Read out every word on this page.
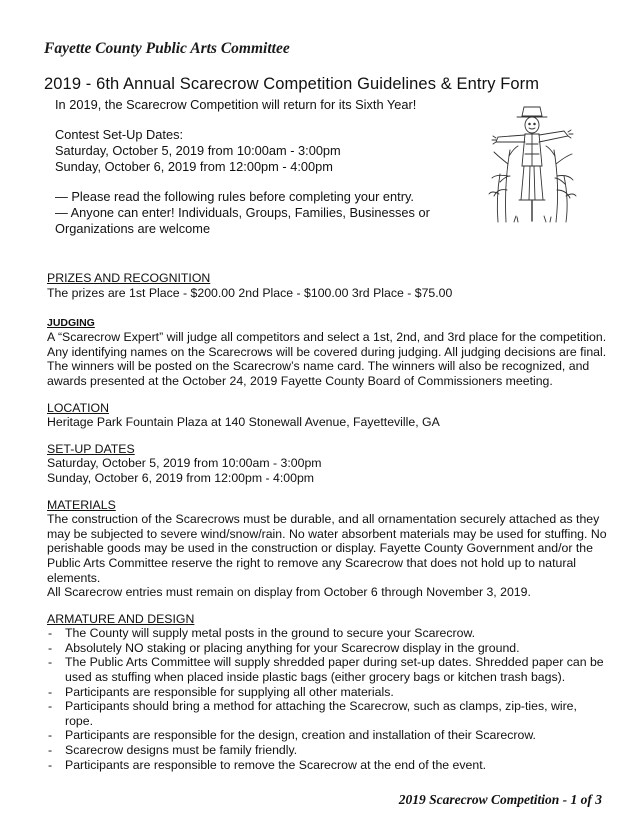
Fayette County Public Arts Committee
2019 - 6th Annual Scarecrow Competition Guidelines & Entry Form

In 2019, the Scarecrow Competition will return for its Sixth Year!

Contest Set-Up Dates:

Saturday, October 5, 2019 from 10:00am - 3:00pm

Sunday, October 6, 2019 from 12:00pm - 4:00pm

— Please read the following rules before completing your entry.

— Anyone can enter! Individuals, Groups, Families, Businesses or Organizations are welcome

PRIZES AND RECOGNITION

The prizes are 1st Place - $200.00 2nd Place - $100.00 3rd Place - $75.00

JUDGING

A “Scarecrow Expert” will judge all competitors and select a 1st, 2nd, and 3rd place for the competition. Any identifying names on the Scarecrows will be covered during judging. All judging decisions are final. The winners will be posted on the Scarecrow’s name card. The winners will also be recognized, and awards presented at the October 24, 2019 Fayette County Board of Commissioners meeting.

LOCATION

Heritage Park Fountain Plaza at 140 Stonewall Avenue, Fayetteville, GA

SET-UP DATES

Saturday, October 5, 2019 from 10:00am - 3:00pm

Sunday, October 6, 2019 from 12:00pm - 4:00pm

MATERIALS

The construction of the Scarecrows must be durable, and all ornamentation securely attached as they may be subjected to severe wind/snow/rain. No water absorbent materials may be used for stuffing. No perishable goods may be used in the construction or display. Fayette County Government and/or the Public Arts Committee reserve the right to remove any Scarecrow that does not hold up to natural elements.

All Scarecrow entries must remain on display from October 6 through November 3, 2019.

ARMATURE AND DESIGN

- The County will supply metal posts in the ground to secure your Scarecrow.
- Absolutely NO staking or placing anything for your Scarecrow display in the ground.
- The Public Arts Committee will supply shredded paper during set-up dates. Shredded paper can be used as stuffing when placed inside plastic bags (either grocery bags or kitchen trash bags).
- Participants are responsible for supplying all other materials.
- Participants should bring a method for attaching the Scarecrow, such as clamps, zip-ties, wire, rope.
- Participants are responsible for the design, creation and installation of their Scarecrow.
- Scarecrow designs must be family friendly.
- Participants are responsible to remove the Scarecrow at the end of the event.
2019 Scarecrow Competition - 1 of 3
